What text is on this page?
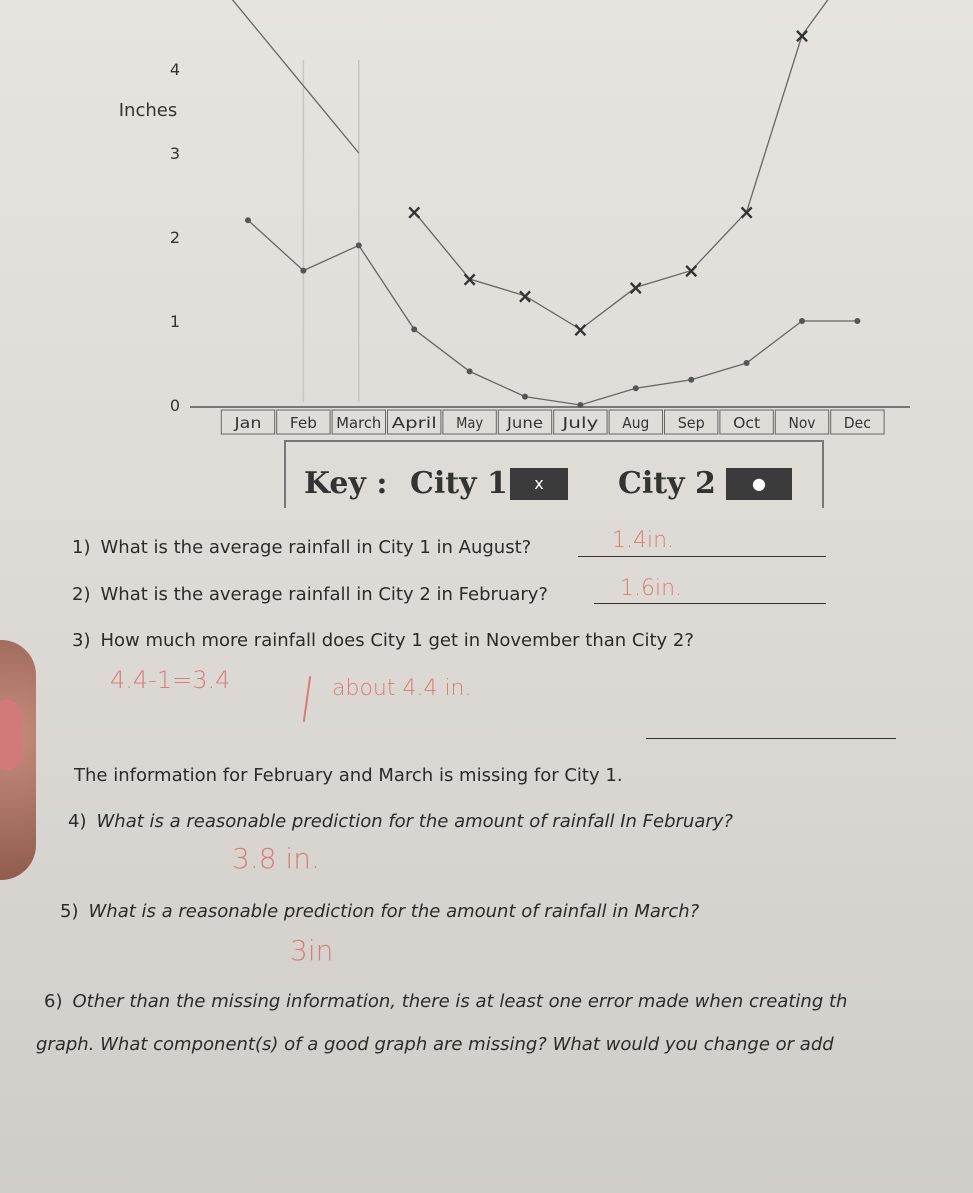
Inches
0
1
2
3
4
Jan Feb March April May June July Aug Sep Oct Nov Dec
×
×
×
×
×
×
×
×
Key : City 1	x	City 2	●
1) What is the average rainfall in City 1 in August?	1.4in.
2) What is the average rainfall in City 2 in February?	1.6in.
3) How much more rainfall does City 1 get in November than City 2?
4.4-1=3.4	about 4.4 in.
The information for February and March is missing for City 1.
4) What is a reasonable prediction for the amount of rainfall In February?
3.8 in.
5) What is a reasonable prediction for the amount of rainfall in March?
3in
6) Other than the missing information, there is at least one error made when creating th
graph. What component(s) of a good graph are missing? What would you change or add
